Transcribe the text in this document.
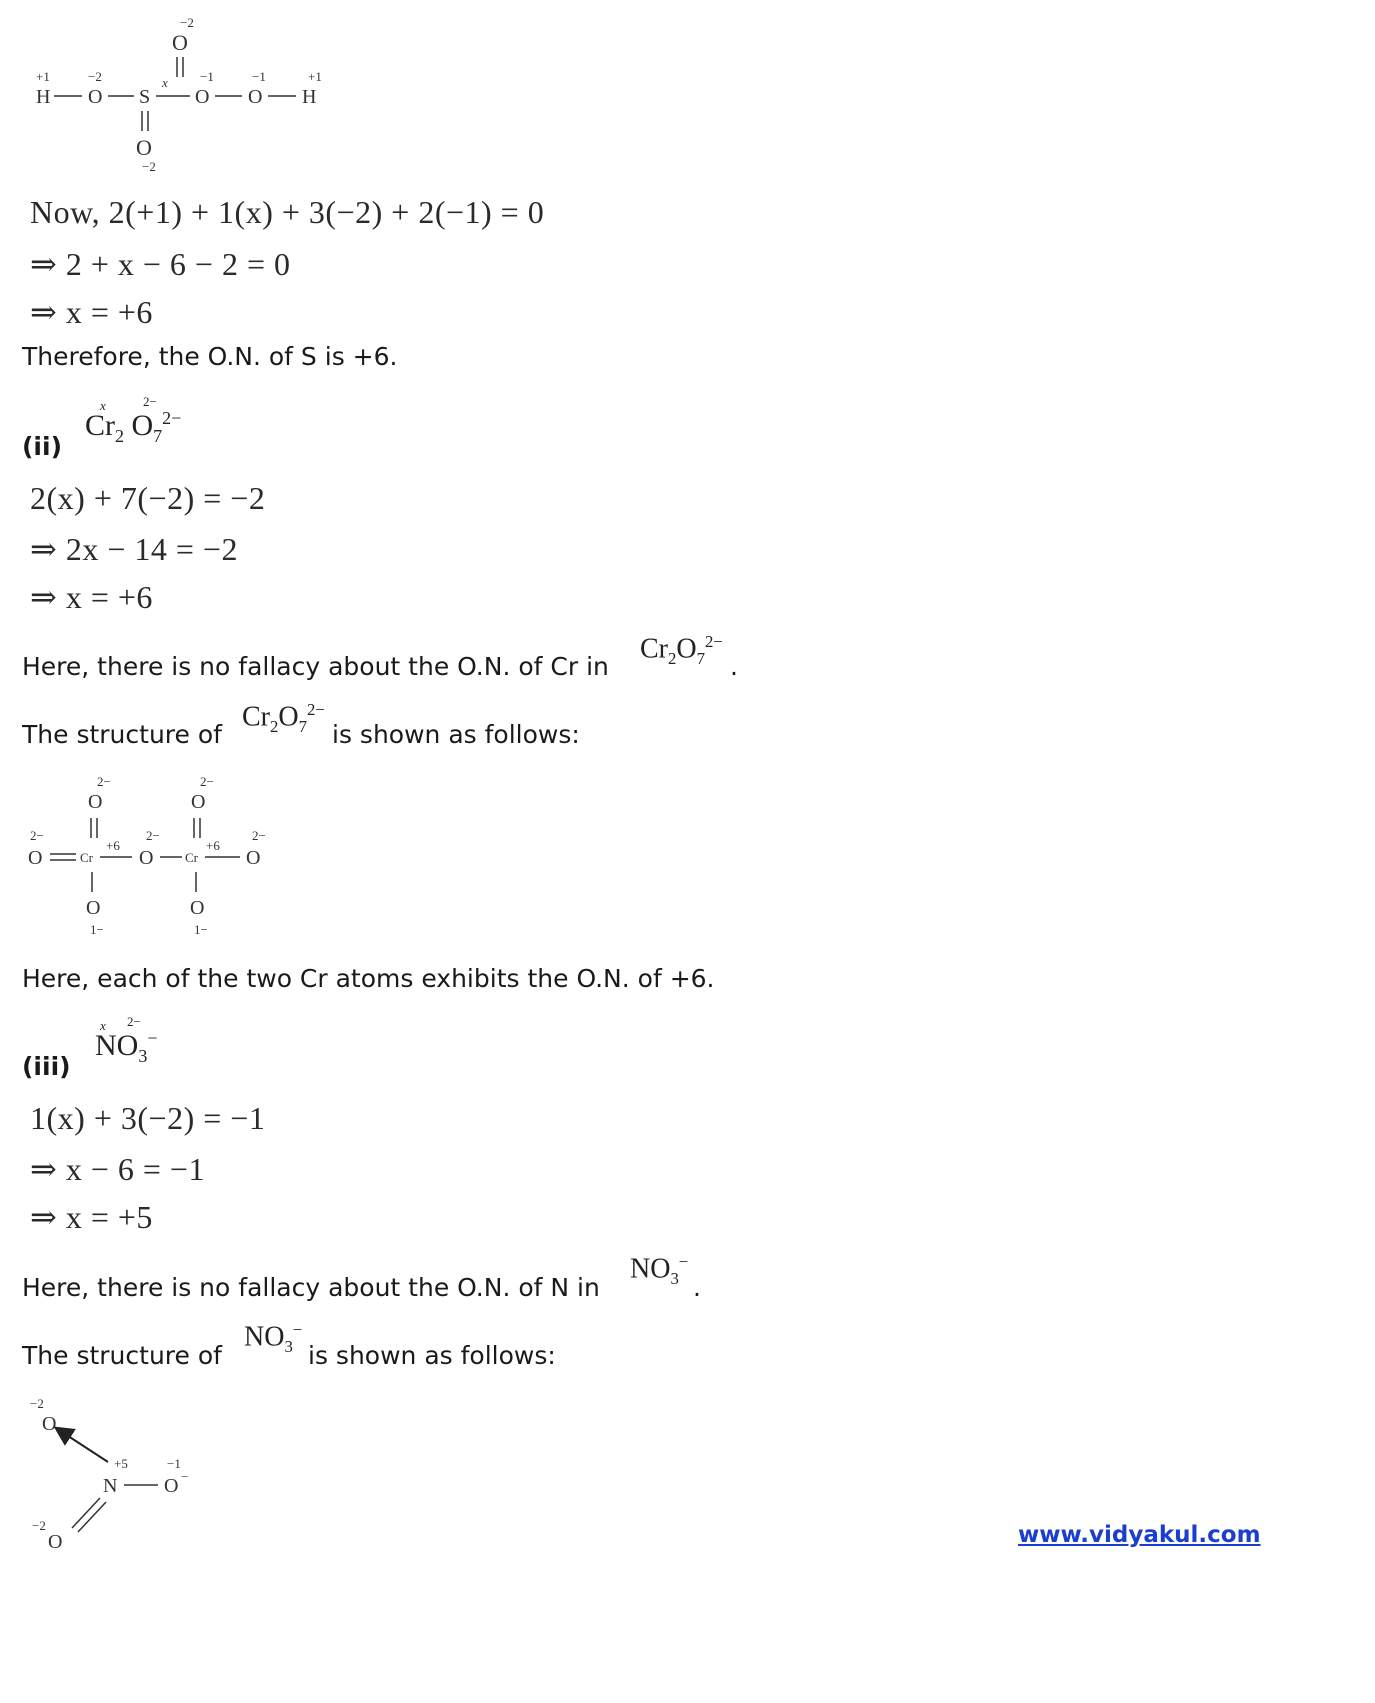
−2
O
+1	−2	x −1	−1	+1
H O S O O H
O
−2
Now, 2(+1) + 1(x) + 3(−2) + 2(−1) = 0
⇒ 2 + x − 6 − 2 = 0
⇒ x = +6
Therefore, the O.N. of S is +6.
(ii)
x	2−
$Cr_2$ $O_7^{2-}$
2(x) + 7(−2) = −2
⇒ 2x − 14 = −2
⇒ x = +6
Here, there is no fallacy about the O.N. of Cr in
$Cr_2O_7^{2-}$
.
The structure of
$Cr_2O_7^{2-}$
is shown as follows:
2−
O
2−
O
2−
+6
2−
+6
2−
O	Cr O Cr O
O	O
1−	1−
Here, each of the two Cr atoms exhibits the O.N. of +6.
(iii)
x 2−
$NO_3^-$
1(x) + 3(−2) = −1
⇒ x − 6 = −1
⇒ x = +5
Here, there is no fallacy about the O.N. of N in
$NO_3^-$
.
The structure of
$NO_3^-$
is shown as follows:
−2
O
+5	−1
N O −
−2
O	www.vidyakul.com
